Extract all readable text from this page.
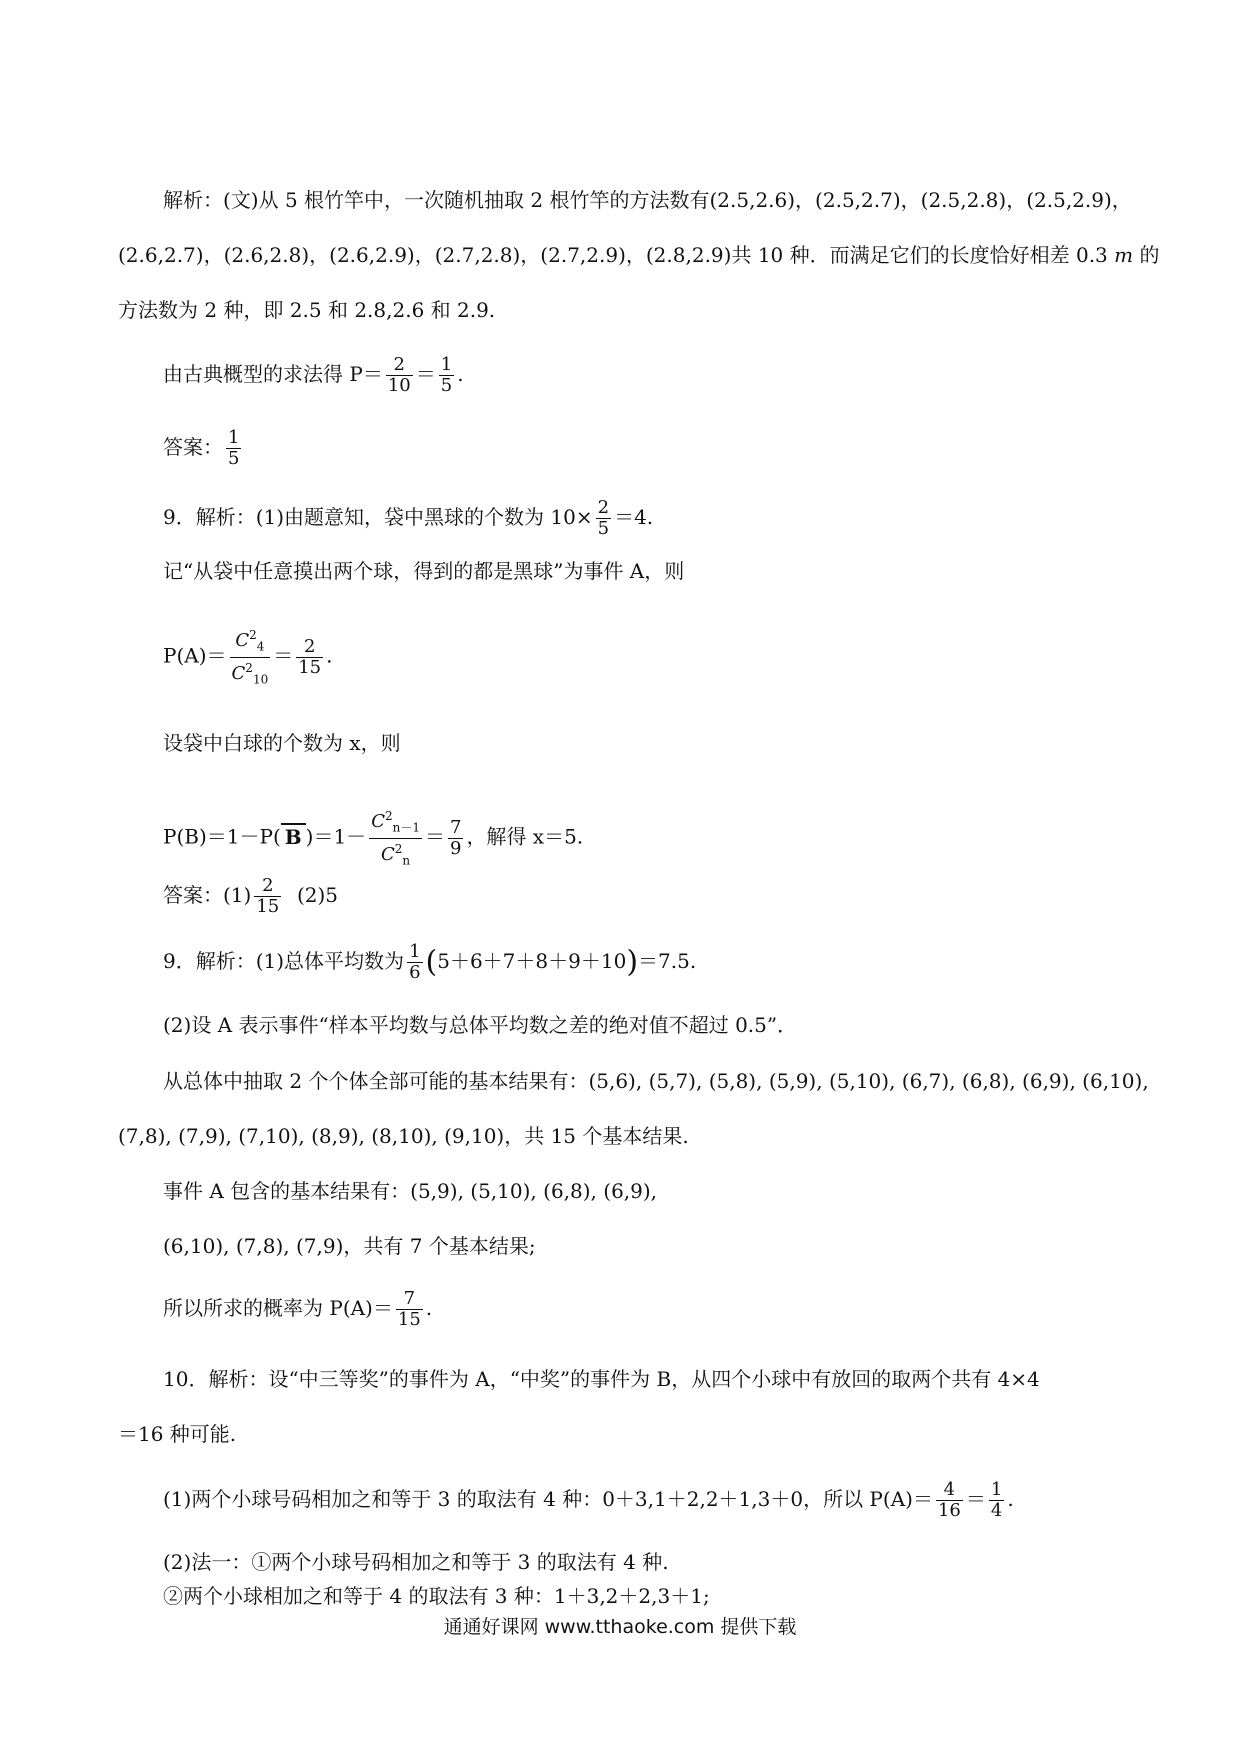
解析：(文)从 5 根竹竿中，一次随机抽取 2 根竹竿的方法数有(2.5,2.6)，(2.5,2.7)，(2.5,2.8)，(2.5,2.9)，
(2.6,2.7)，(2.6,2.8)，(2.6,2.9)，(2.7,2.8)，(2.7,2.9)，(2.8,2.9)共 10 种．而满足它们的长度恰好相差 0.3 m 的
方法数为 2 种，即 2.5 和 2.8,2.6 和 2.9.
由古典概型的求法得 $P= \frac{2}{10} = \frac{1}{5}$ .
答案： $\frac{1}{5}$
9．解析：(1)由题意知，袋中黑球的个数为 $10\times \frac{2}{5} =4$.
记“从袋中任意摸出两个球，得到的都是黑球”为事件 A，则
$P(A)= \frac{C^2_4}{C^2_{10}} = \frac{2}{15}$ .
设袋中白球的个数为 x，则
P(B)＝1－P( B )$=1- \frac{C^2_{n-1}}{C^2_n} = \frac{7}{9}$ ，解得 x＝5.
答案：$(1) \frac{2}{15} (2)5$
9．解析：(1)总体平均数为 $\frac{1}{6} (5+6+7+8+9+10)=7.5$.
(2)设 A 表示事件“样本平均数与总体平均数之差的绝对值不超过 0.5”．
从总体中抽取 2 个个体全部可能的基本结果有：(5,6), (5,7), (5,8), (5,9), (5,10), (6,7), (6,8), (6,9), (6,10),
(7,8), (7,9), (7,10), (8,9), (8,10), (9,10)，共 15 个基本结果.
事件 A 包含的基本结果有：(5,9), (5,10), (6,8), (6,9),
(6,10), (7,8), (7,9)，共有 7 个基本结果;
所以所求的概率为 $P(A)= \frac{7}{15}$ .
10．解析：设“中三等奖”的事件为 A，“中奖”的事件为 B，从四个小球中有放回的取两个共有 4×4
＝16 种可能.
(1)两个小球号码相加之和等于 3 的取法有 4 种：0＋3,1＋2,2＋1,3＋0，所以 $P(A)= \frac{4}{16} = \frac{1}{4}$ .
(2)法一：①两个小球号码相加之和等于 3 的取法有 4 种.
②两个小球相加之和等于 4 的取法有 3 种：1＋3,2＋2,3＋1;
通通好课网 www.tthaoke.com 提供下载
